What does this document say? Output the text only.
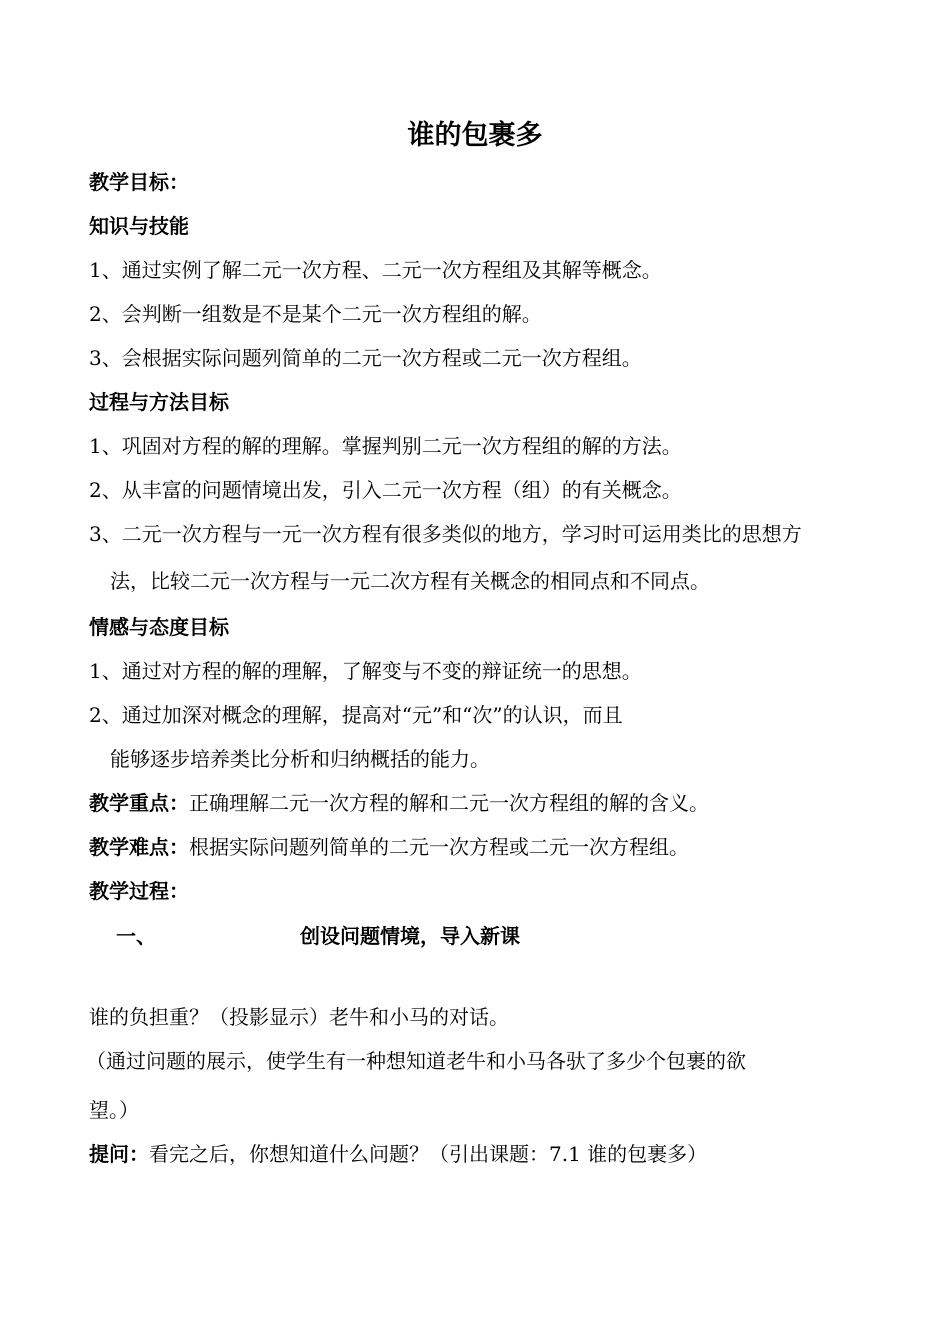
谁的包裹多
教学目标：
知识与技能
1、通过实例了解二元一次方程、二元一次方程组及其解等概念。
2、会判断一组数是不是某个二元一次方程组的解。
3、会根据实际问题列简单的二元一次方程或二元一次方程组。
过程与方法目标
1、巩固对方程的解的理解。掌握判别二元一次方程组的解的方法。
2、从丰富的问题情境出发，引入二元一次方程（组）的有关概念。
3、二元一次方程与一元一次方程有很多类似的地方，学习时可运用类比的思想方
法，比较二元一次方程与一元二次方程有关概念的相同点和不同点。
情感与态度目标
1、通过对方程的解的理解，了解变与不变的辩证统一的思想。
2、通过加深对概念的理解，提高对“元”和“次”的认识，而且
能够逐步培养类比分析和归纳概括的能力。
教学重点：正确理解二元一次方程的解和二元一次方程组的解的含义。
教学难点：根据实际问题列简单的二元一次方程或二元一次方程组。
教学过程：
一、	创设问题情境，导入新课
谁的负担重？（投影显示）老牛和小马的对话。
（通过问题的展示，使学生有一种想知道老牛和小马各驮了多少个包裹的欲
望。）
提问：看完之后，你想知道什么问题？（引出课题：7.1 谁的包裹多）
